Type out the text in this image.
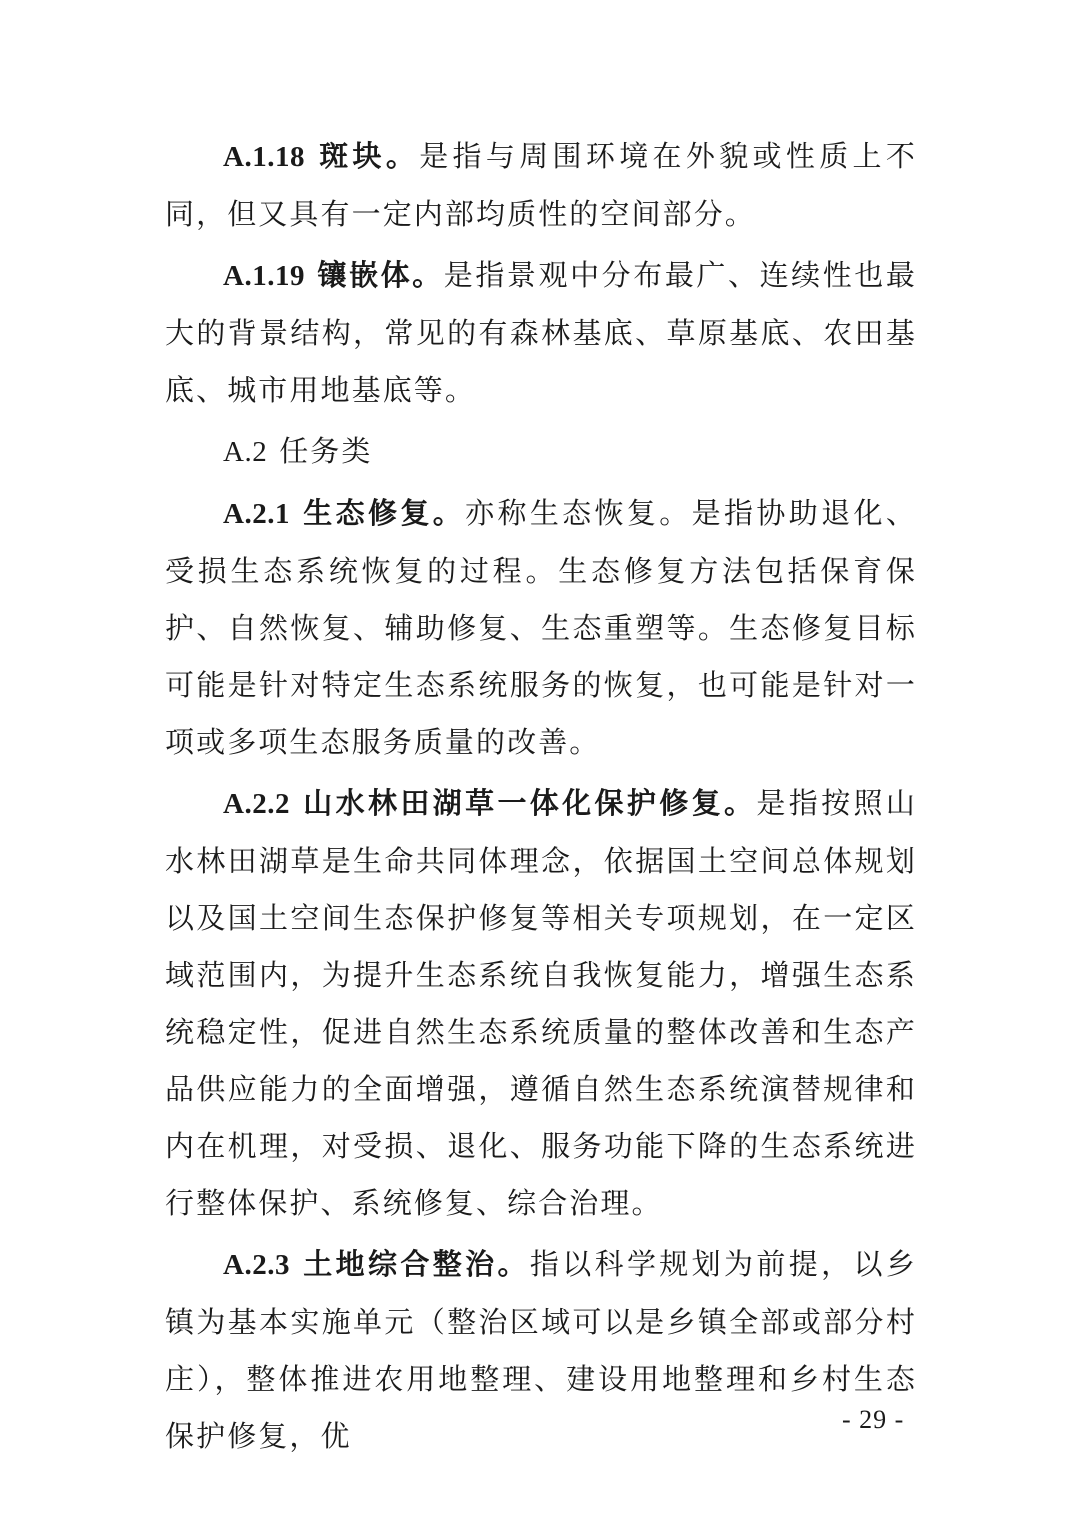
A.1.18 斑块。是指与周围环境在外貌或性质上不同，但又具有一定内部均质性的空间部分。

A.1.19 镶嵌体。是指景观中分布最广、连续性也最大的背景结构，常见的有森林基底、草原基底、农田基底、城市用地基底等。

A.2 任务类

A.2.1 生态修复。亦称生态恢复。是指协助退化、受损生态系统恢复的过程。生态修复方法包括保育保护、自然恢复、辅助修复、生态重塑等。生态修复目标可能是针对特定生态系统服务的恢复，也可能是针对一项或多项生态服务质量的改善。

A.2.2 山水林田湖草一体化保护修复。是指按照山水林田湖草是生命共同体理念，依据国土空间总体规划以及国土空间生态保护修复等相关专项规划，在一定区域范围内，为提升生态系统自我恢复能力，增强生态系统稳定性，促进自然生态系统质量的整体改善和生态产品供应能力的全面增强，遵循自然生态系统演替规律和内在机理，对受损、退化、服务功能下降的生态系统进行整体保护、系统修复、综合治理。

A.2.3 土地综合整治。指以科学规划为前提，以乡镇为基本实施单元（整治区域可以是乡镇全部或部分村庄），整体推进农用地整理、建设用地整理和乡村生态保护修复，优	- 29 -
